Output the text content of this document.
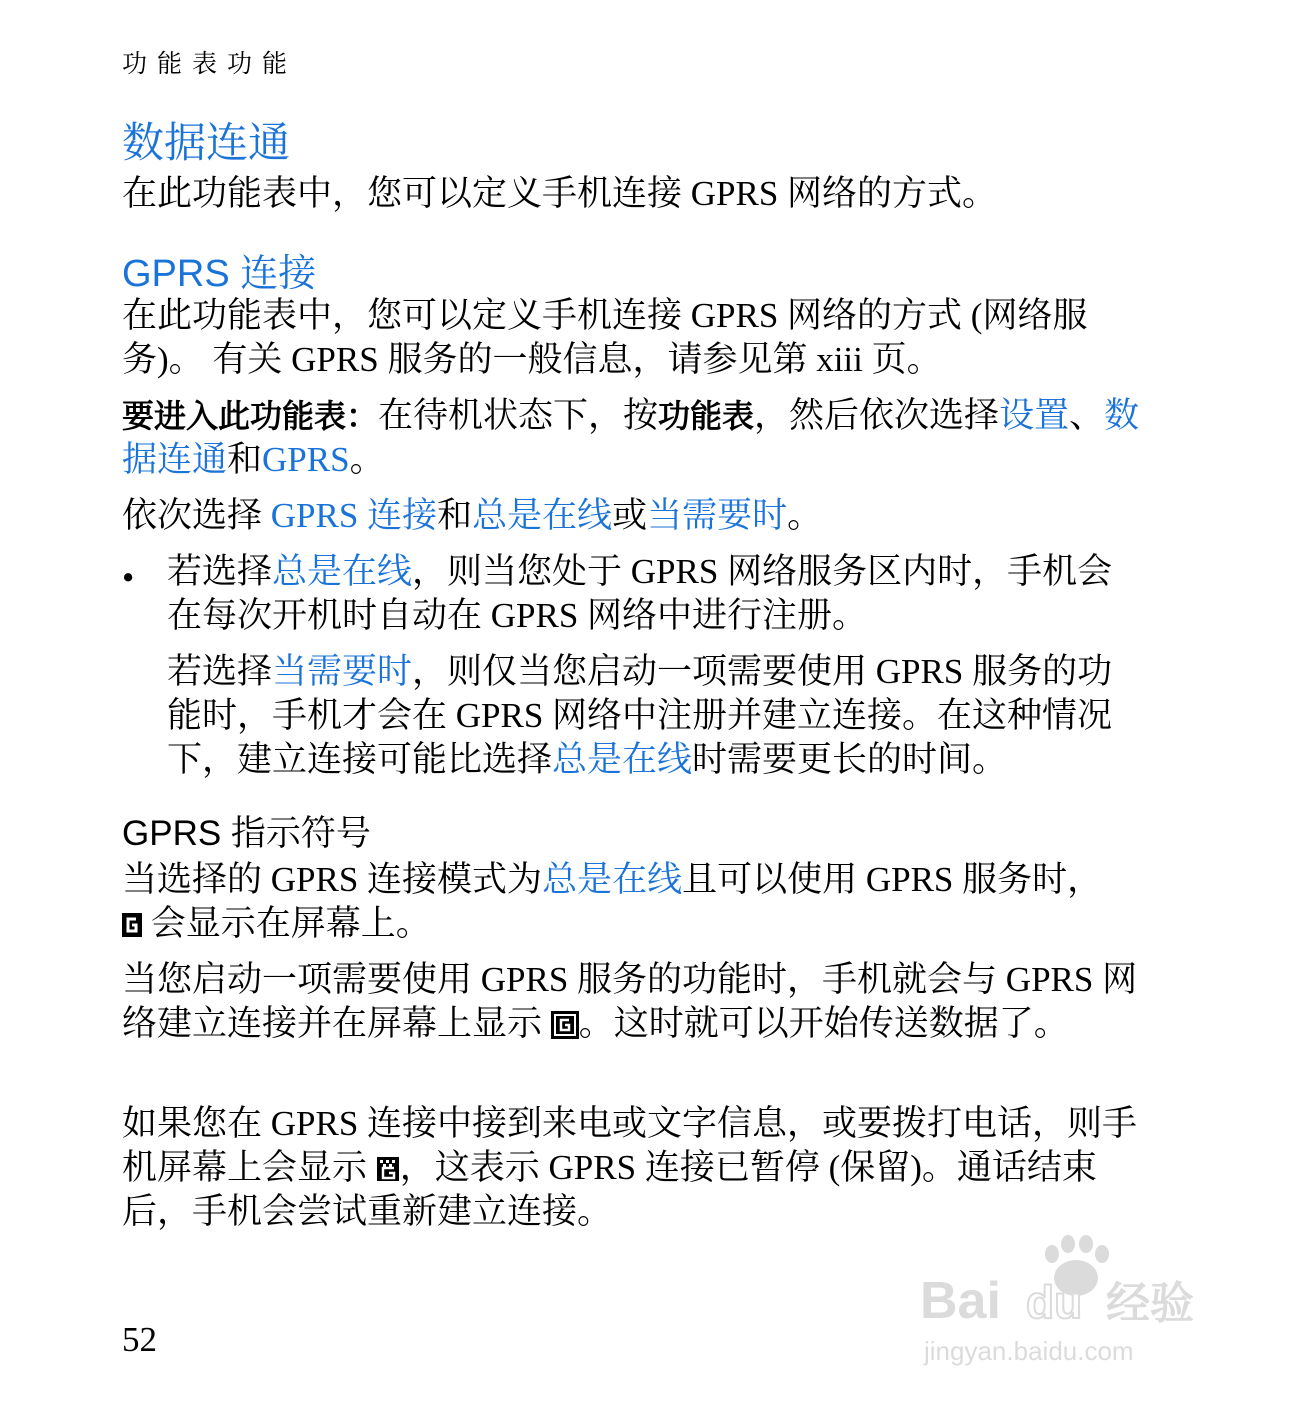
功能表功能
数据连通

在此功能表中，您可以定义手机连接 GPRS 网络的方式。

GPRS 连接

在此功能表中，您可以定义手机连接 GPRS 网络的方式 (网络服务)。 有关 GPRS 服务的一般信息，请参见第 xiii 页。

要进入此功能表：在待机状态下，按功能表，然后依次选择设置、数据连通和GPRS。

依次选择 GPRS 连接和总是在线或当需要时。

• 若选择总是在线，则当您处于 GPRS 网络服务区内时，手机会在每次开机时自动在 GPRS 网络中进行注册。

若选择当需要时，则仅当您启动一项需要使用 GPRS 服务的功能时，手机才会在 GPRS 网络中注册并建立连接。在这种情况下，建立连接可能比选择总是在线时需要更长的时间。

GPRS 指示符号

当选择的 GPRS 连接模式为总是在线且可以使用 GPRS 服务时，

会显示在屏幕上。

当您启动一项需要使用 GPRS 服务的功能时，手机就会与 GPRS 网络建立连接并在屏幕上显示
。这时就可以开始传送数据了。

如果您在 GPRS 连接中接到来电或文字信息，或要拨打电话，则手机屏幕上会显示
，这表示 GPRS 连接已暂停 (保留)。通话结束后，手机会尝试重新建立连接。

52
Bai du 经验
jingyan.baidu.com
